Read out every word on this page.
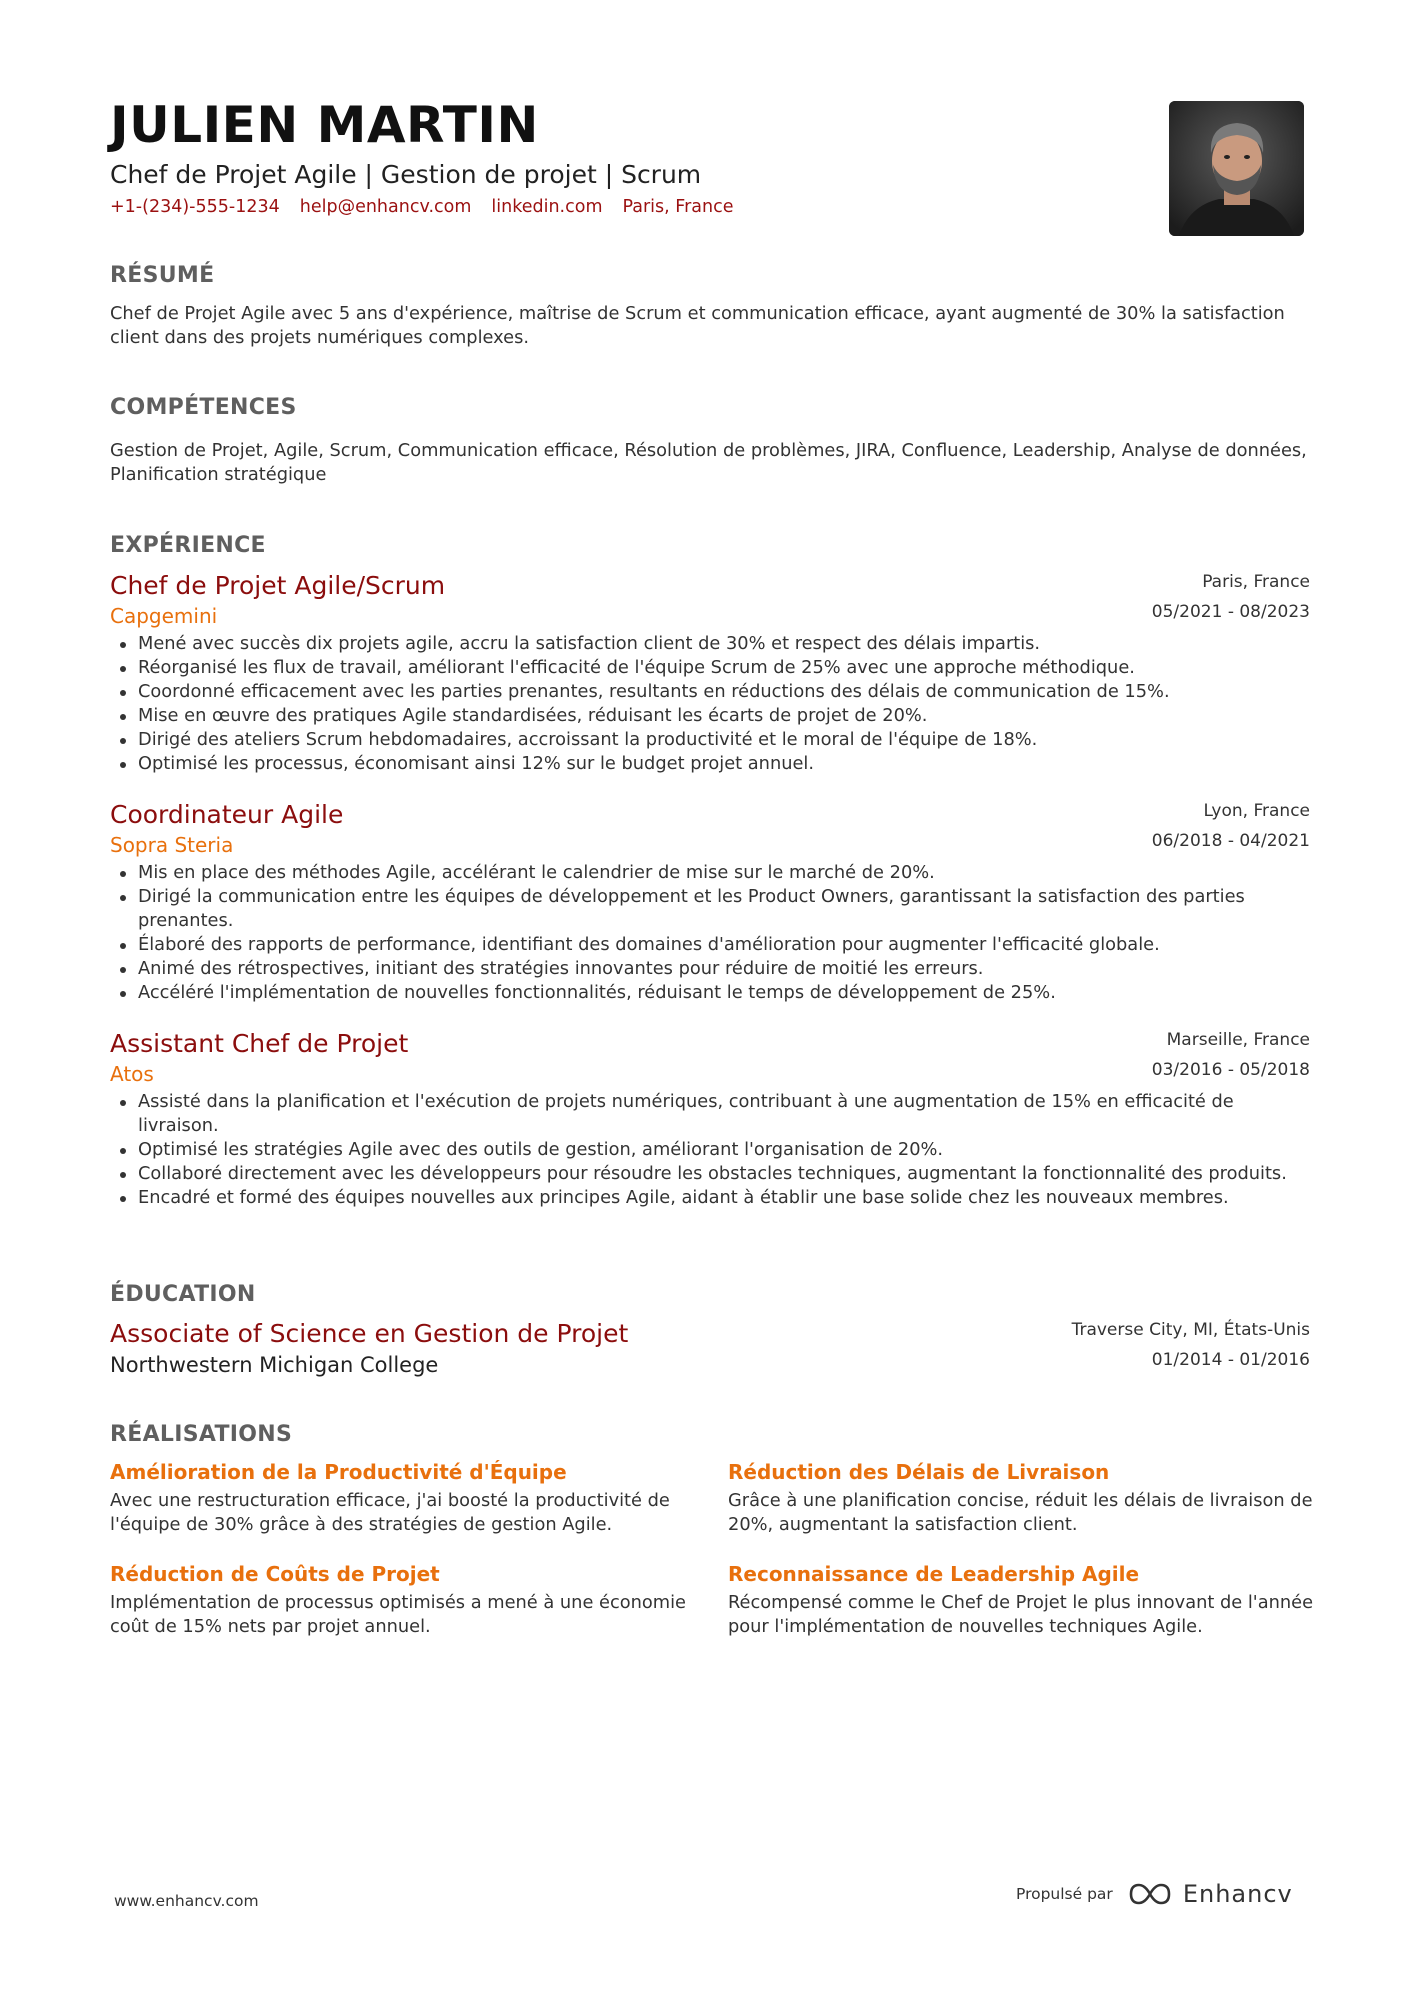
JULIEN MARTIN
Chef de Projet Agile | Gestion de projet | Scrum
+1-(234)-555-1234 help@enhancv.com linkedin.com Paris, France
RÉSUMÉ
Chef de Projet Agile avec 5 ans d'expérience, maîtrise de Scrum et communication efficace, ayant augmenté de 30% la satisfaction client dans des projets numériques complexes.
COMPÉTENCES
Gestion de Projet, Agile, Scrum, Communication efficace, Résolution de problèmes, JIRA, Confluence, Leadership, Analyse de données, Planification stratégique
EXPÉRIENCE
Chef de Projet Agile/Scrum
Capgemini
Paris, France
05/2021 - 08/2023
Mené avec succès dix projets agile, accru la satisfaction client de 30% et respect des délais impartis.
Réorganisé les flux de travail, améliorant l'efficacité de l'équipe Scrum de 25% avec une approche méthodique.
Coordonné efficacement avec les parties prenantes, resultants en réductions des délais de communication de 15%.
Mise en œuvre des pratiques Agile standardisées, réduisant les écarts de projet de 20%.
Dirigé des ateliers Scrum hebdomadaires, accroissant la productivité et le moral de l'équipe de 18%.
Optimisé les processus, économisant ainsi 12% sur le budget projet annuel.
Coordinateur Agile
Sopra Steria
Lyon, France
06/2018 - 04/2021
Mis en place des méthodes Agile, accélérant le calendrier de mise sur le marché de 20%.
Dirigé la communication entre les équipes de développement et les Product Owners, garantissant la satisfaction des parties prenantes.
Élaboré des rapports de performance, identifiant des domaines d'amélioration pour augmenter l'efficacité globale.
Animé des rétrospectives, initiant des stratégies innovantes pour réduire de moitié les erreurs.
Accéléré l'implémentation de nouvelles fonctionnalités, réduisant le temps de développement de 25%.
Assistant Chef de Projet
Atos
Marseille, France
03/2016 - 05/2018
Assisté dans la planification et l'exécution de projets numériques, contribuant à une augmentation de 15% en efficacité de livraison.
Optimisé les stratégies Agile avec des outils de gestion, améliorant l'organisation de 20%.
Collaboré directement avec les développeurs pour résoudre les obstacles techniques, augmentant la fonctionnalité des produits.
Encadré et formé des équipes nouvelles aux principes Agile, aidant à établir une base solide chez les nouveaux membres.
ÉDUCATION
Associate of Science en Gestion de Projet
Northwestern Michigan College
Traverse City, MI, États-Unis
01/2014 - 01/2016
RÉALISATIONS
Amélioration de la Productivité d'Équipe
Avec une restructuration efficace, j'ai boosté la productivité de l'équipe de 30% grâce à des stratégies de gestion Agile.
Réduction des Délais de Livraison
Grâce à une planification concise, réduit les délais de livraison de 20%, augmentant la satisfaction client.
Réduction de Coûts de Projet
Implémentation de processus optimisés a mené à une économie coût de 15% nets par projet annuel.
Reconnaissance de Leadership Agile
Récompensé comme le Chef de Projet le plus innovant de l'année pour l'implémentation de nouvelles techniques Agile.
www.enhancv.com	Propulsé par	Enhancv
